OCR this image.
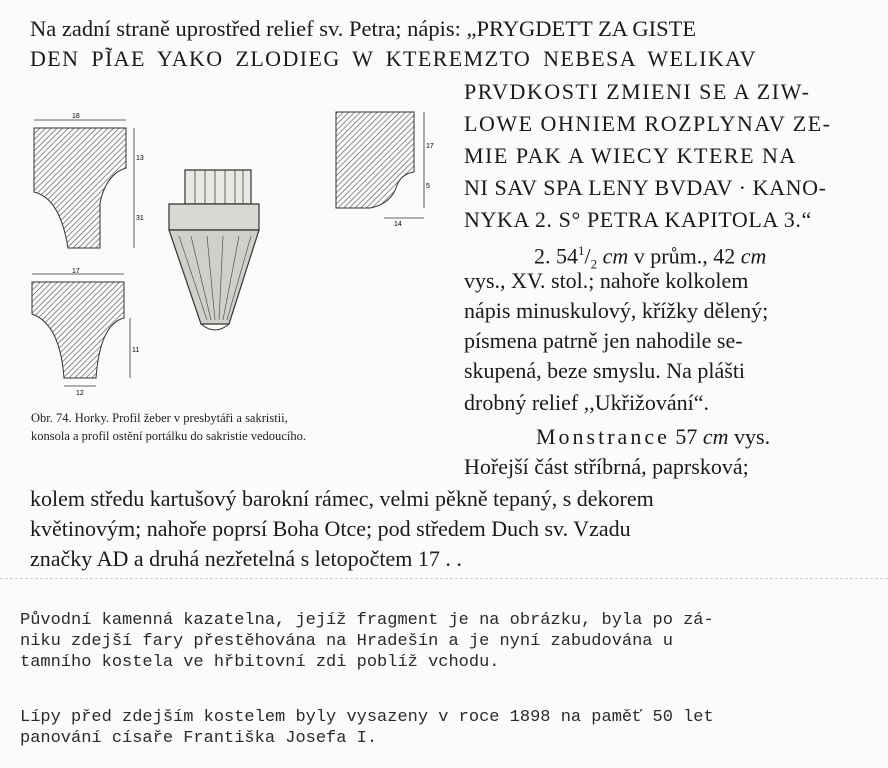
Na zadní straně uprostřed relief sv. Petra; nápis: „PRYGDETT ZA GISTE
DEN PĨAE YAKO ZLODIEG W KTEREMZTO NEBESA WELIKAV
PRVDKOSTI ZMIENI SE A ZIW-
LOWE OHNIEM ROZPLYNAV ZE-
MIE PAK A WIECY KTERE NA
NI SAV SPA LENY BVDAV · KANO-
NYKA 2. S° PETRA KAPITOLA 3.“
2. $54^1/_2$ cm v prům., 42 cm
vys., XV. stol.; nahoře kolkolem
nápis minuskulový, křížky dělený;
písmena patrně jen nahodile se-
skupená, beze smyslu. Na plášti
drobný relief ,,Ukřižování“.
Monstrance 57 cm vys.
Hořejší část stříbrná, paprsková;
kolem středu kartušový barokní rámec, velmi pěkně tepaný, s dekorem
květinovým; nahoře poprsí Boha Otce; pod středem Duch sv. Vzadu
značky AD a druhá nezřetelná s letopočtem 17 . .
Obr. 74. Horky. Profil žeber v presbytáři a sakristii,
konsola a profil ostění portálku do sakristie vedoucího.
18
13
31
17
11
12
17
5
14
Původní kamenná kazatelna, jejíž fragment je na obrázku, byla po zá-
niku zdejší fary přestěhována na Hradešín a je nyní zabudována u
tamního kostela ve hřbitovní zdi poblíž vchodu.
Lípy před zdejším kostelem byly vysazeny v roce 1898 na paměť 50 let
panování císaře Františka Josefa I.
